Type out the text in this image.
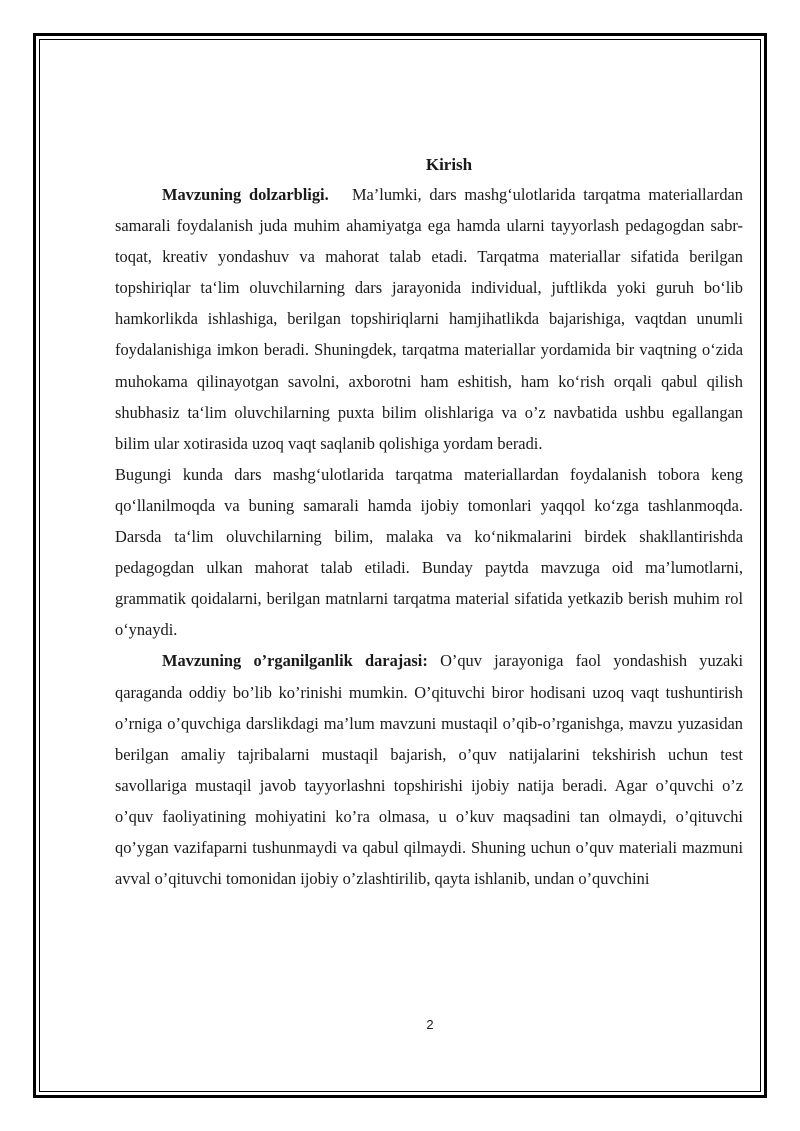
Kirish

Mavzuning dolzarbligi. Ma’lumki, dars mashg‘ulotlarida tarqatma materiallardan samarali foydalanish juda muhim ahamiyatga ega hamda ularni tayyorlash pedagogdan sabr-toqat, kreativ yondashuv va mahorat talab etadi. Tarqatma materiallar sifatida berilgan topshiriqlar ta‘lim oluvchilarning dars jarayonida individual, juftlikda yoki guruh bo‘lib hamkorlikda ishlashiga, berilgan topshiriqlarni hamjihatlikda bajarishiga, vaqtdan unumli foydalanishiga imkon beradi. Shuningdek, tarqatma materiallar yordamida bir vaqtning o‘zida muhokama qilinayotgan savolni, axborotni ham eshitish, ham ko‘rish orqali qabul qilish shubhasiz ta‘lim oluvchilarning puxta bilim olishlariga va o’z navbatida ushbu egallangan bilim ular xotirasida uzoq vaqt saqlanib qolishiga yordam beradi.

Bugungi kunda dars mashg‘ulotlarida tarqatma materiallardan foydalanish tobora keng qo‘llanilmoqda va buning samarali hamda ijobiy tomonlari yaqqol ko‘zga tashlanmoqda. Darsda ta‘lim oluvchilarning bilim, malaka va ko‘nikmalarini birdek shakllantirishda pedagogdan ulkan mahorat talab etiladi. Bunday paytda mavzuga oid ma’lumotlarni, grammatik qoidalarni, berilgan matnlarni tarqatma material sifatida yetkazib berish muhim rol o‘ynaydi.

Mavzuning o’rganilganlik darajasi: O’quv jarayoniga faol yondashish yuzaki qaraganda oddiy bo’lib ko’rinishi mumkin. O’qituvchi biror hodisani uzoq vaqt tushuntirish o’rniga o’quvchiga darslikdagi ma’lum mavzuni mustaqil o’qib-o’rganishga, mavzu yuzasidan berilgan amaliy tajribalarni mustaqil bajarish, o’quv natijalarini tekshirish uchun test savollariga mustaqil javob tayyorlashni topshirishi ijobiy natija beradi. Agar o’quvchi o’z o’quv faoliyatining mohiyatini ko’ra olmasa, u o’kuv maqsadini tan olmaydi, o’qituvchi qo’ygan vazifaparni tushunmaydi va qabul qilmaydi. Shuning uchun o’quv materiali mazmuni avval o’qituvchi tomonidan ijobiy o’zlashtirilib, qayta ishlanib, undan o’quvchini

2
